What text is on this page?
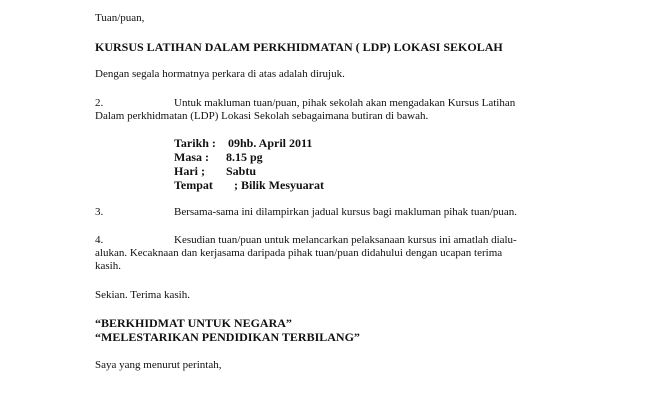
Tuan/puan,

KURSUS LATIHAN DALAM PERKHIDMATAN ( LDP) LOKASI SEKOLAH

Dengan segala hormatnya perkara di atas adalah dirujuk.

2.	Untuk makluman tuan/puan, pihak sekolah akan mengadakan Kursus Latihan

Dalam perkhidmatan (LDP) Lokasi Sekolah sebagaimana butiran di bawah.

Tarikh : 09hb. April 2011
Masa : 8.15 pg
Hari ; Sabtu
Tempat ; Bilik Mesyuarat

3.	Bersama-sama ini dilampirkan jadual kursus bagi makluman pihak tuan/puan.

4.	Kesudian tuan/puan untuk melancarkan pelaksanaan kursus ini amatlah dialu-

alukan. Kecaknaan dan kerjasama daripada pihak tuan/puan didahului dengan ucapan terima

kasih.

Sekian. Terima kasih.

“BERKHIDMAT UNTUK NEGARA”

“MELESTARIKAN PENDIDIKAN TERBILANG”

Saya yang menurut perintah,
